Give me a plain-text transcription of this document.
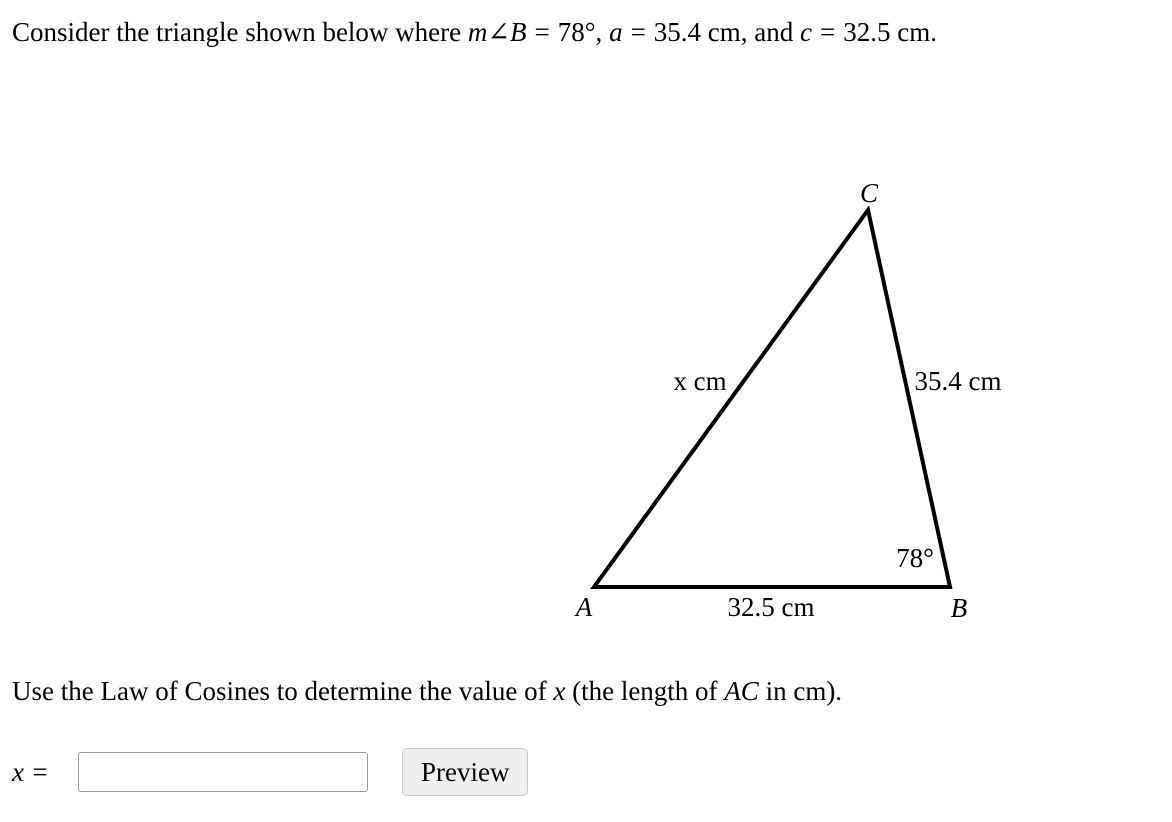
Consider the triangle shown below where m∠B = 78°, a = 35.4 cm, and c = 32.5 cm.
C
A	B
x cm	35.4 cm
32.5 cm
78°
Use the Law of Cosines to determine the value of x (the length of AC in cm).
x =	Preview
